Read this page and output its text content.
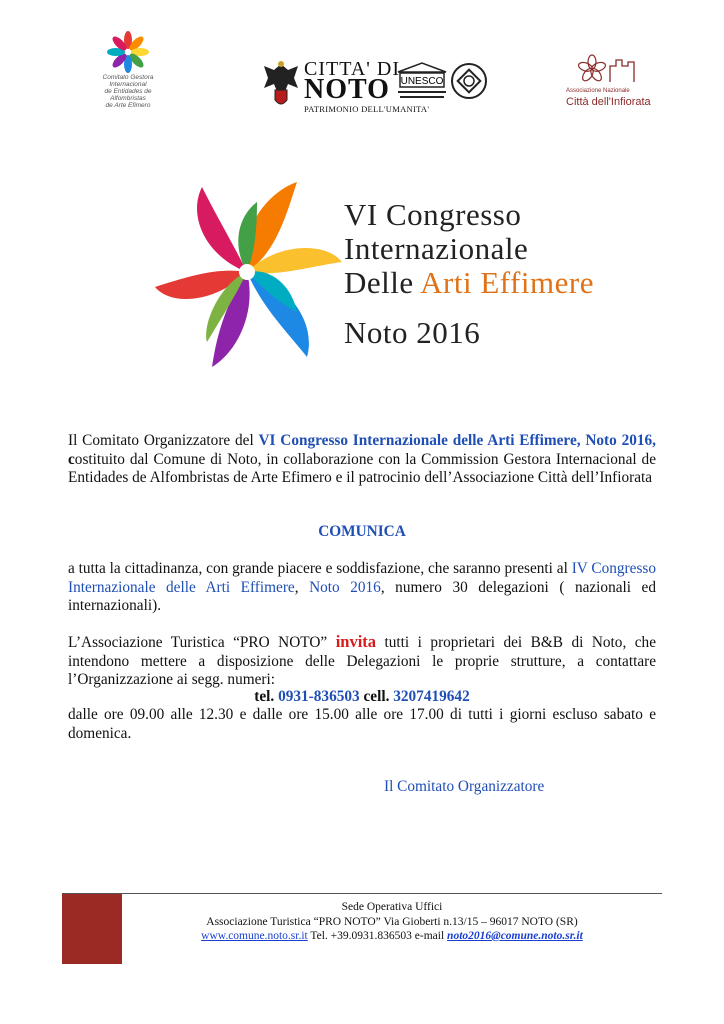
Comitato Gestora
Internacional
de Entidades de
Alfombristas
de Arte Efimero
CITTA' DI
NOTO
PATRIMONIO DELL'UMANITA'
UNESCO
Associazione Nazionale
Città dell'Infiorata
VI Congresso
Internazionale
Delle Arti Effimere
Noto 2016
Il Comitato Organizzatore del VI Congresso Internazionale delle Arti Effimere, Noto 2016, costituito dal Comune di Noto, in collaborazione con la Commission Gestora Internacional de Entidades de Alfombristas de Arte Efimero e il patrocinio dell’Associazione Città dell’Infiorata
COMUNICA
a tutta la cittadinanza, con grande piacere e soddisfazione, che saranno presenti al IV Congresso Internazionale delle Arti Effimere, Noto 2016, numero 30 delegazioni ( nazionali ed internazionali).
L’Associazione Turistica “PRO NOTO” invita tutti i proprietari dei B&B di Noto, che intendono mettere a disposizione delle Delegazioni le proprie strutture, a contattare l’Organizzazione ai segg. numeri:
tel. 0931-836503 cell. 3207419642
dalle ore 09.00 alle 12.30 e dalle ore 15.00 alle ore 17.00 di tutti i giorni escluso sabato e domenica.
Il Comitato Organizzatore
Sede Operativa Uffici
Associazione Turistica “PRO NOTO” Via Gioberti n.13/15 – 96017 NOTO (SR)
www.comune.noto.sr.it Tel. +39.0931.836503 e-mail noto2016@comune.noto.sr.it
